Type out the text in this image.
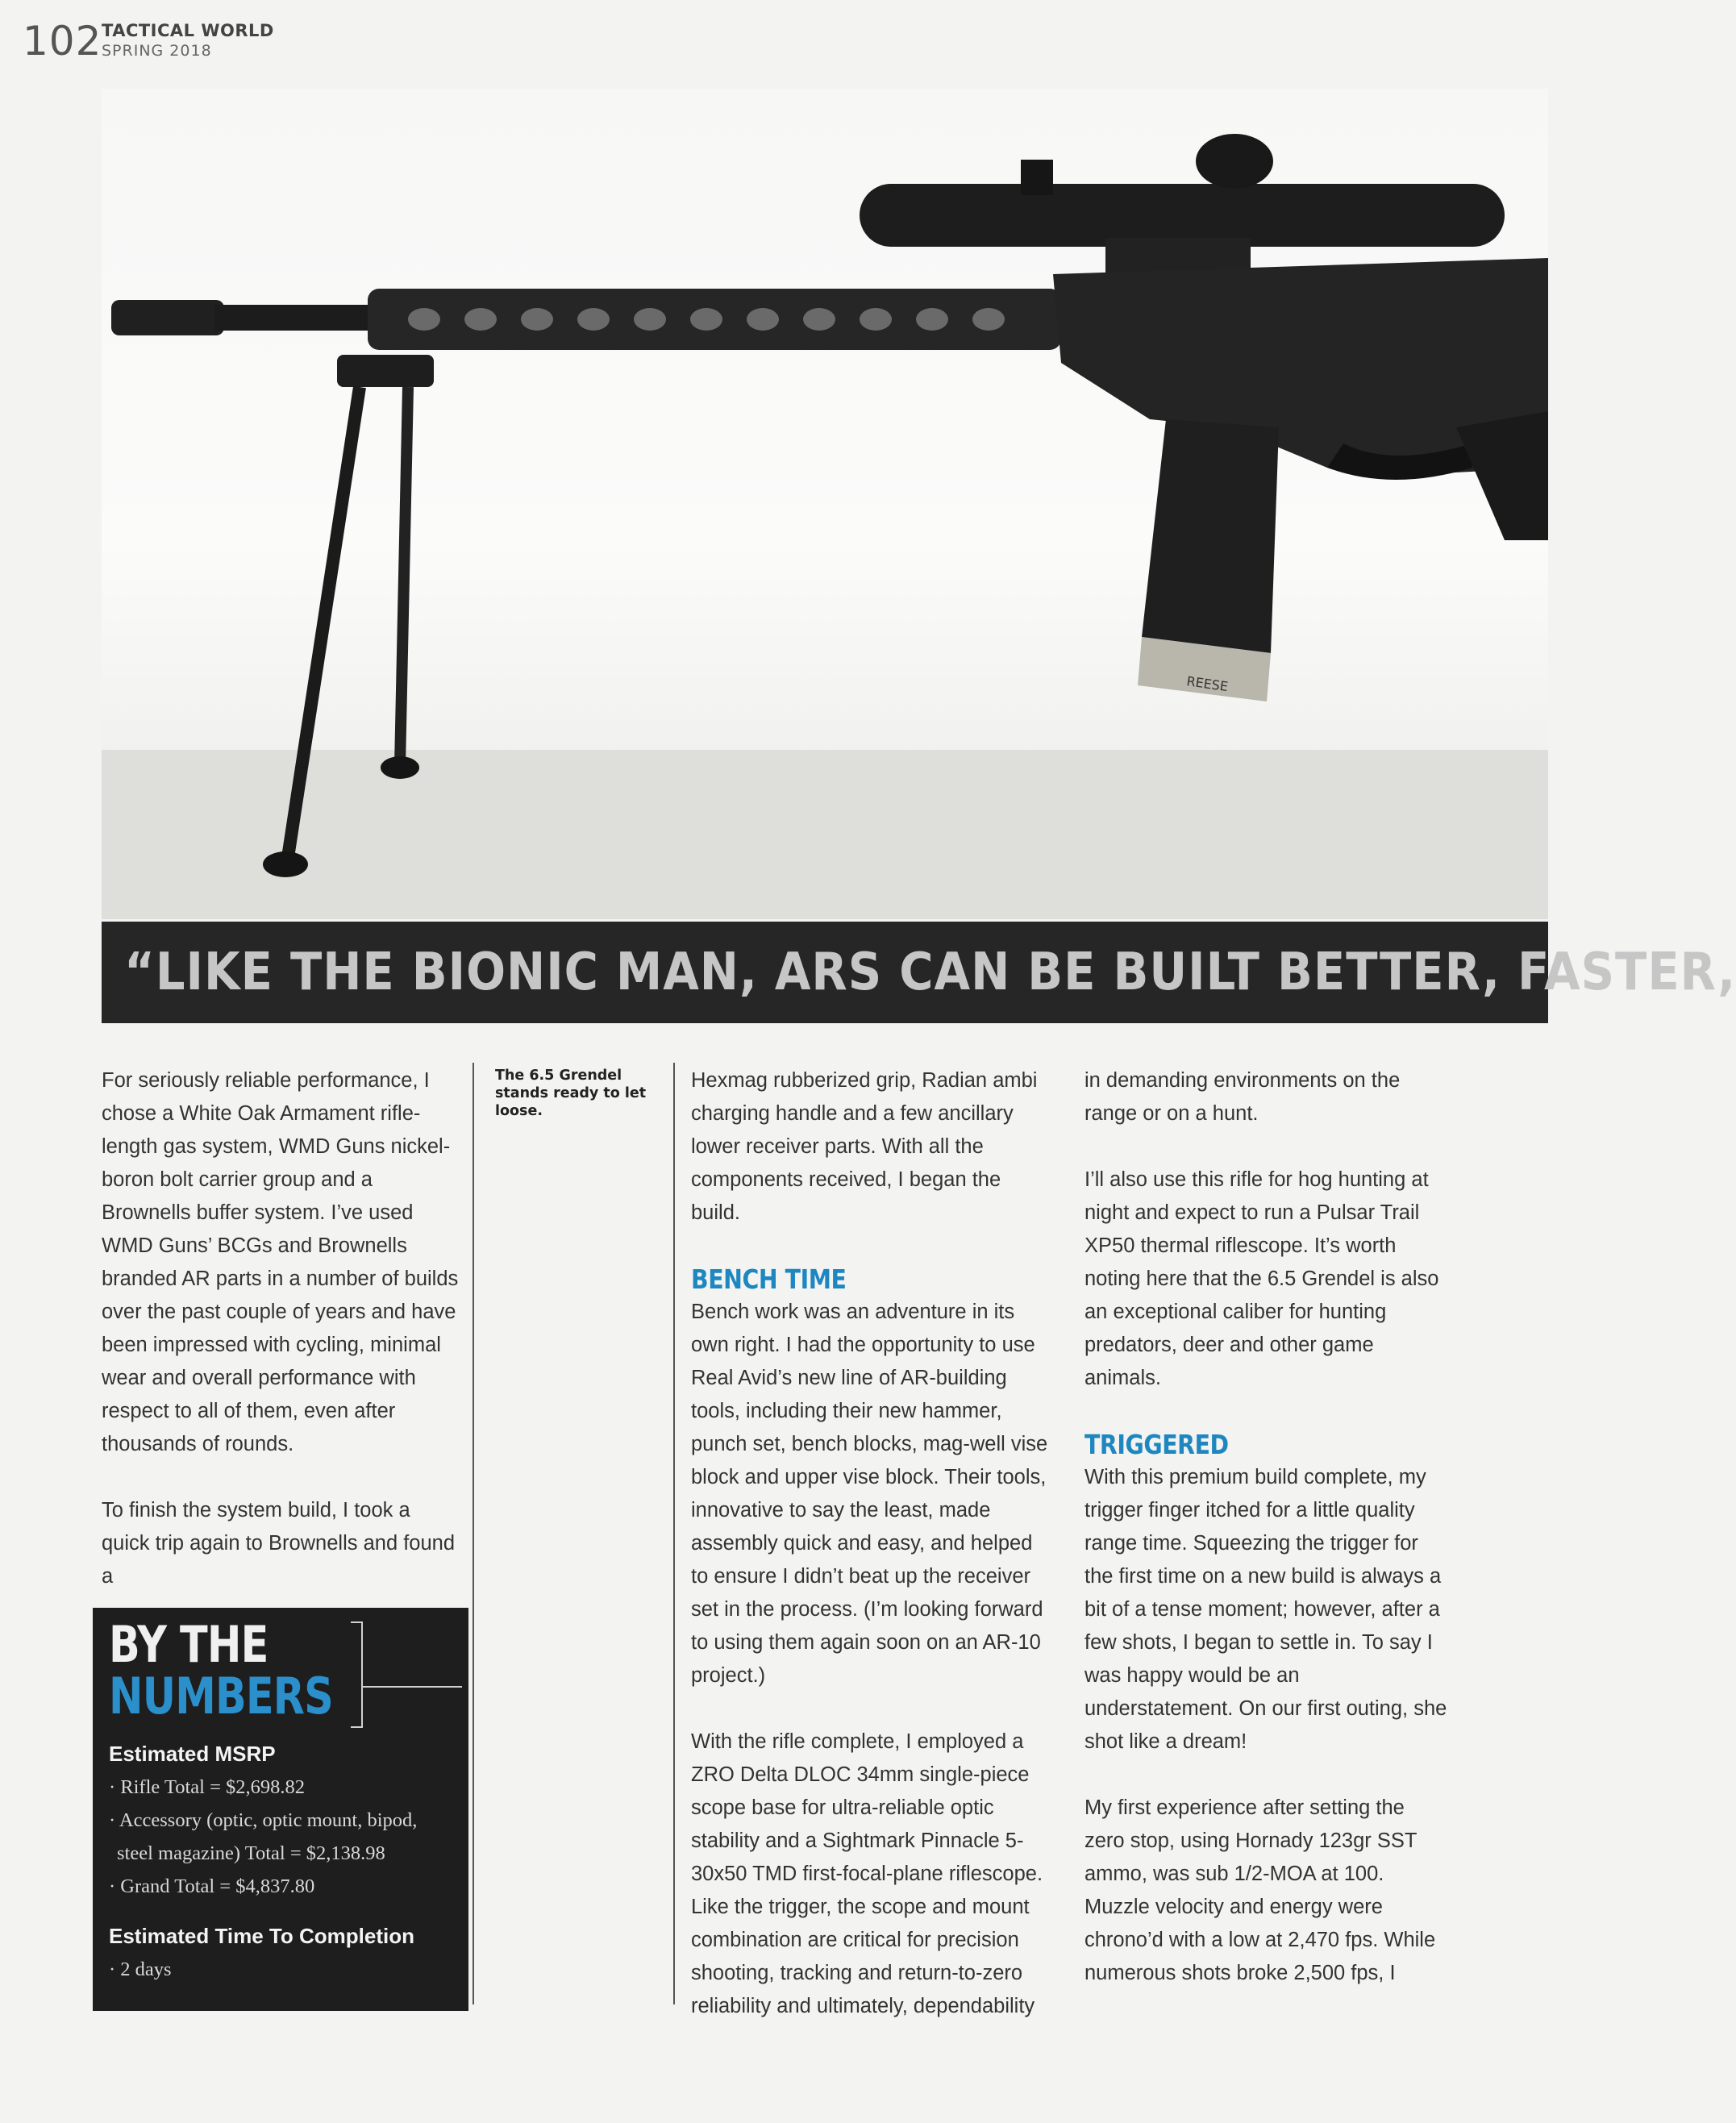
102 TACTICAL WORLD
SPRING 2018
REESE
“LIKE THE BIONIC MAN, ARS CAN BE BUILT BETTER, FASTER,
The 6.5 Grendel stands ready to let loose.

For seriously reliable performance, I chose a White Oak Armament rifle-length gas system, WMD Guns nickel-boron bolt carrier group and a Brownells buffer system. I’ve used WMD Guns’ BCGs and Brownells branded AR parts in a number of builds over the past couple of years and have been impressed with cycling, minimal wear and overall performance with respect to all of them, even after thousands of rounds.

To finish the system build, I took a quick trip again to Brownells and found a

Hexmag rubberized grip, Radian ambi charging handle and a few ancillary lower receiver parts. With all the components received, I began the build.

BENCH TIME

Bench work was an adventure in its own right. I had the opportunity to use Real Avid’s new line of AR-building tools, including their new hammer, punch set, bench blocks, mag-well vise block and upper vise block. Their tools, innovative to say the least, made assembly quick and easy, and helped to ensure I didn’t beat up the receiver set in the process. (I’m looking forward to using them again soon on an AR-10 project.)

With the rifle complete, I employed a ZRO Delta DLOC 34mm single-piece scope base for ultra-reliable optic stability and a Sightmark Pinnacle 5-30x50 TMD first-focal-plane riflescope. Like the trigger, the scope and mount combination are critical for precision shooting, tracking and return-to-zero reliability and ultimately, dependability

in demanding environments on the range or on a hunt.

I’ll also use this rifle for hog hunting at night and expect to run a Pulsar Trail XP50 thermal riflescope. It’s worth noting here that the 6.5 Grendel is also an exceptional caliber for hunting predators, deer and other game animals.

TRIGGERED

With this premium build complete, my trigger finger itched for a little quality range time. Squeezing the trigger for the first time on a new build is always a bit of a tense moment; however, after a few shots, I began to settle in. To say I was happy would be an understatement. On our first outing, she shot like a dream!

My first experience after setting the zero stop, using Hornady 123gr SST ammo, was sub 1/2-MOA at 100. Muzzle velocity and energy were chrono’d with a low at 2,470 fps. While numerous shots broke 2,500 fps, I

BY THE
NUMBERS
Estimated MSRP
· Rifle Total = $2,698.82
· Accessory (optic, optic mount, bipod,
steel magazine) Total = $2,138.98
· Grand Total = $4,837.80
Estimated Time To Completion
· 2 days
